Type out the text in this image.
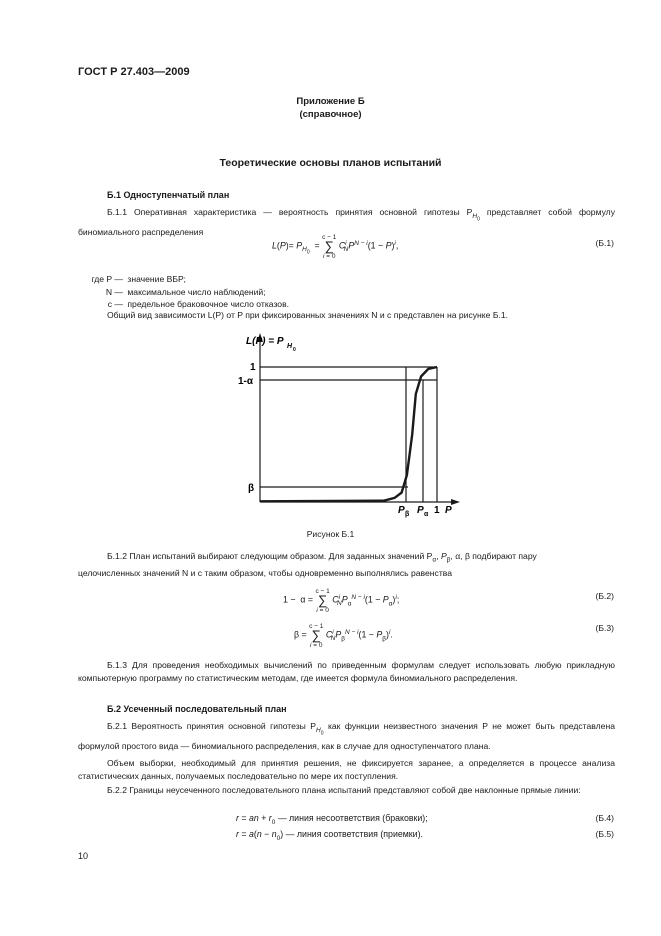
ГОСТ Р 27.403—2009
Приложение Б
(справочное)
Теоретические основы планов испытаний
Б.1 Одноступенчатый план
Б.1.1 Оперативная характеристика — вероятность принятия основной гипотезы $P_{H_0}$ представляет собой формулу биномиального распределения
$L(P)= P_{H_0} = c - 1$
∑
i = 0 $C^i_NP^{N - i}(1 - P)^i$,	(Б.1)
где P — значение ВБР;
N — максимальное число наблюдений;
c — предельное браковочное число отказов.
Общий вид зависимости L(P) от P при фиксированных значениях N и c представлен на рисунке Б.1.
L(P) = P H 0
1
1-α
β
P β P α 1 P
Рисунок Б.1
Б.1.2 План испытаний выбирают следующим образом. Для заданных значений $P_\alpha$, $P_\beta$, α, β подбирают пару
целочисленных значений N и c таким образом, чтобы одновременно выполнялись равенства
1 −  α = c − 1
∑
i = 0 $C^i_NP_\alpha^{N - i}(1 - P_\alpha)^i$;	(Б.2)
β = c − 1
∑
i = 0 $C^i_NP_\beta^{N - i}(1 - P_\beta)^i$.
(Б.3)
Б.1.3 Для проведения необходимых вычислений по приведенным формулам следует использовать любую прикладную компьютерную программу по статистическим методам, где имеется формула биномиального распределения.
Б.2 Усеченный последовательный план
Б.2.1 Вероятность принятия основной гипотезы $P_{H_0}$ как функции неизвестного значения P не может быть представлена формулой простого вида — биномиального распределения, как в случае для одноступенчатого плана.
Объем выборки, необходимый для принятия решения, не фиксируется заранее, а определяется в процессе анализа статистических данных, получаемых последовательно по мере их поступления.
Б.2.2 Границы неусеченного последовательного плана испытаний представляют собой две наклонные прямые линии:
r = an + $r_0$ — линия несоответствия (браковки);	(Б.4)
$r = a(n - n_0)$ — линия соответствия (приемки).	(Б.5)
10
